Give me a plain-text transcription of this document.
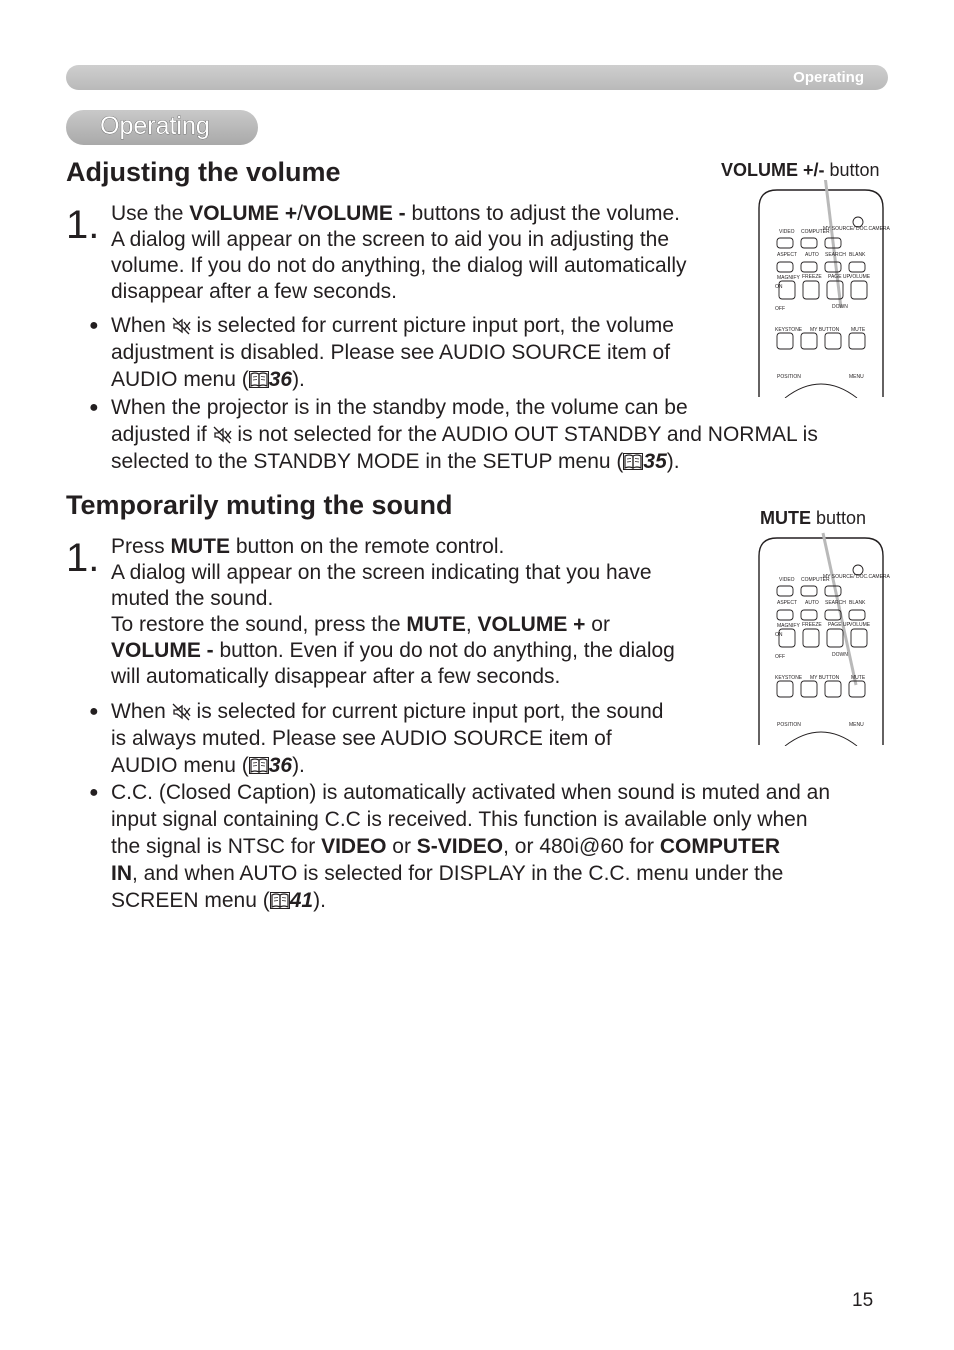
Operating
Operating
Adjusting the volume	VOLUME +/- button
1. Use the VOLUME +/VOLUME - buttons to adjust the volume.
A dialog will appear on the screen to aid you in adjusting the
volume. If you do not do anything, the dialog will automatically
disappear after a few seconds.
● When  is selected for current picture input port, the volume
adjustment is disabled. Please see AUDIO SOURCE item of
AUDIO menu ( 36).
● When the projector is in the standby mode, the volume can be
adjusted if  is not selected for the AUDIO OUT STANDBY and NORMAL is
selected to the STANDBY MODE in the SETUP menu ( 35).
VIDEO COMPUTER
MY SOURCE/ DOC.CAMERA
ASPECT AUTO SEARCH BLANK
MAGNIFY FREEZE PAGE UP VOLUME
ON
OFF	DOWN
KEYSTONE MY BUTTON MUTE
POSITION	MENU
Temporarily muting the sound	MUTE button
1. Press MUTE button on the remote control.
A dialog will appear on the screen indicating that you have
muted the sound.
To restore the sound, press the MUTE, VOLUME + or
VOLUME - button. Even if you do not do anything, the dialog
will automatically disappear after a few seconds.
● When  is selected for current picture input port, the sound
is always muted. Please see AUDIO SOURCE item of
AUDIO menu ( 36).
● C.C. (Closed Caption) is automatically activated when sound is muted and an
input signal containing C.C is received. This function is available only when
the signal is NTSC for VIDEO or S-VIDEO, or 480i@60 for COMPUTER
IN, and when AUTO is selected for DISPLAY in the C.C. menu under the
SCREEN menu ( 41).
VIDEO COMPUTER
MY SOURCE/ DOC.CAMERA
ASPECT AUTO SEARCH BLANK
MAGNIFY FREEZE PAGE UP VOLUME
ON
OFF	DOWN
KEYSTONE MY BUTTON MUTE
POSITION	MENU
15
